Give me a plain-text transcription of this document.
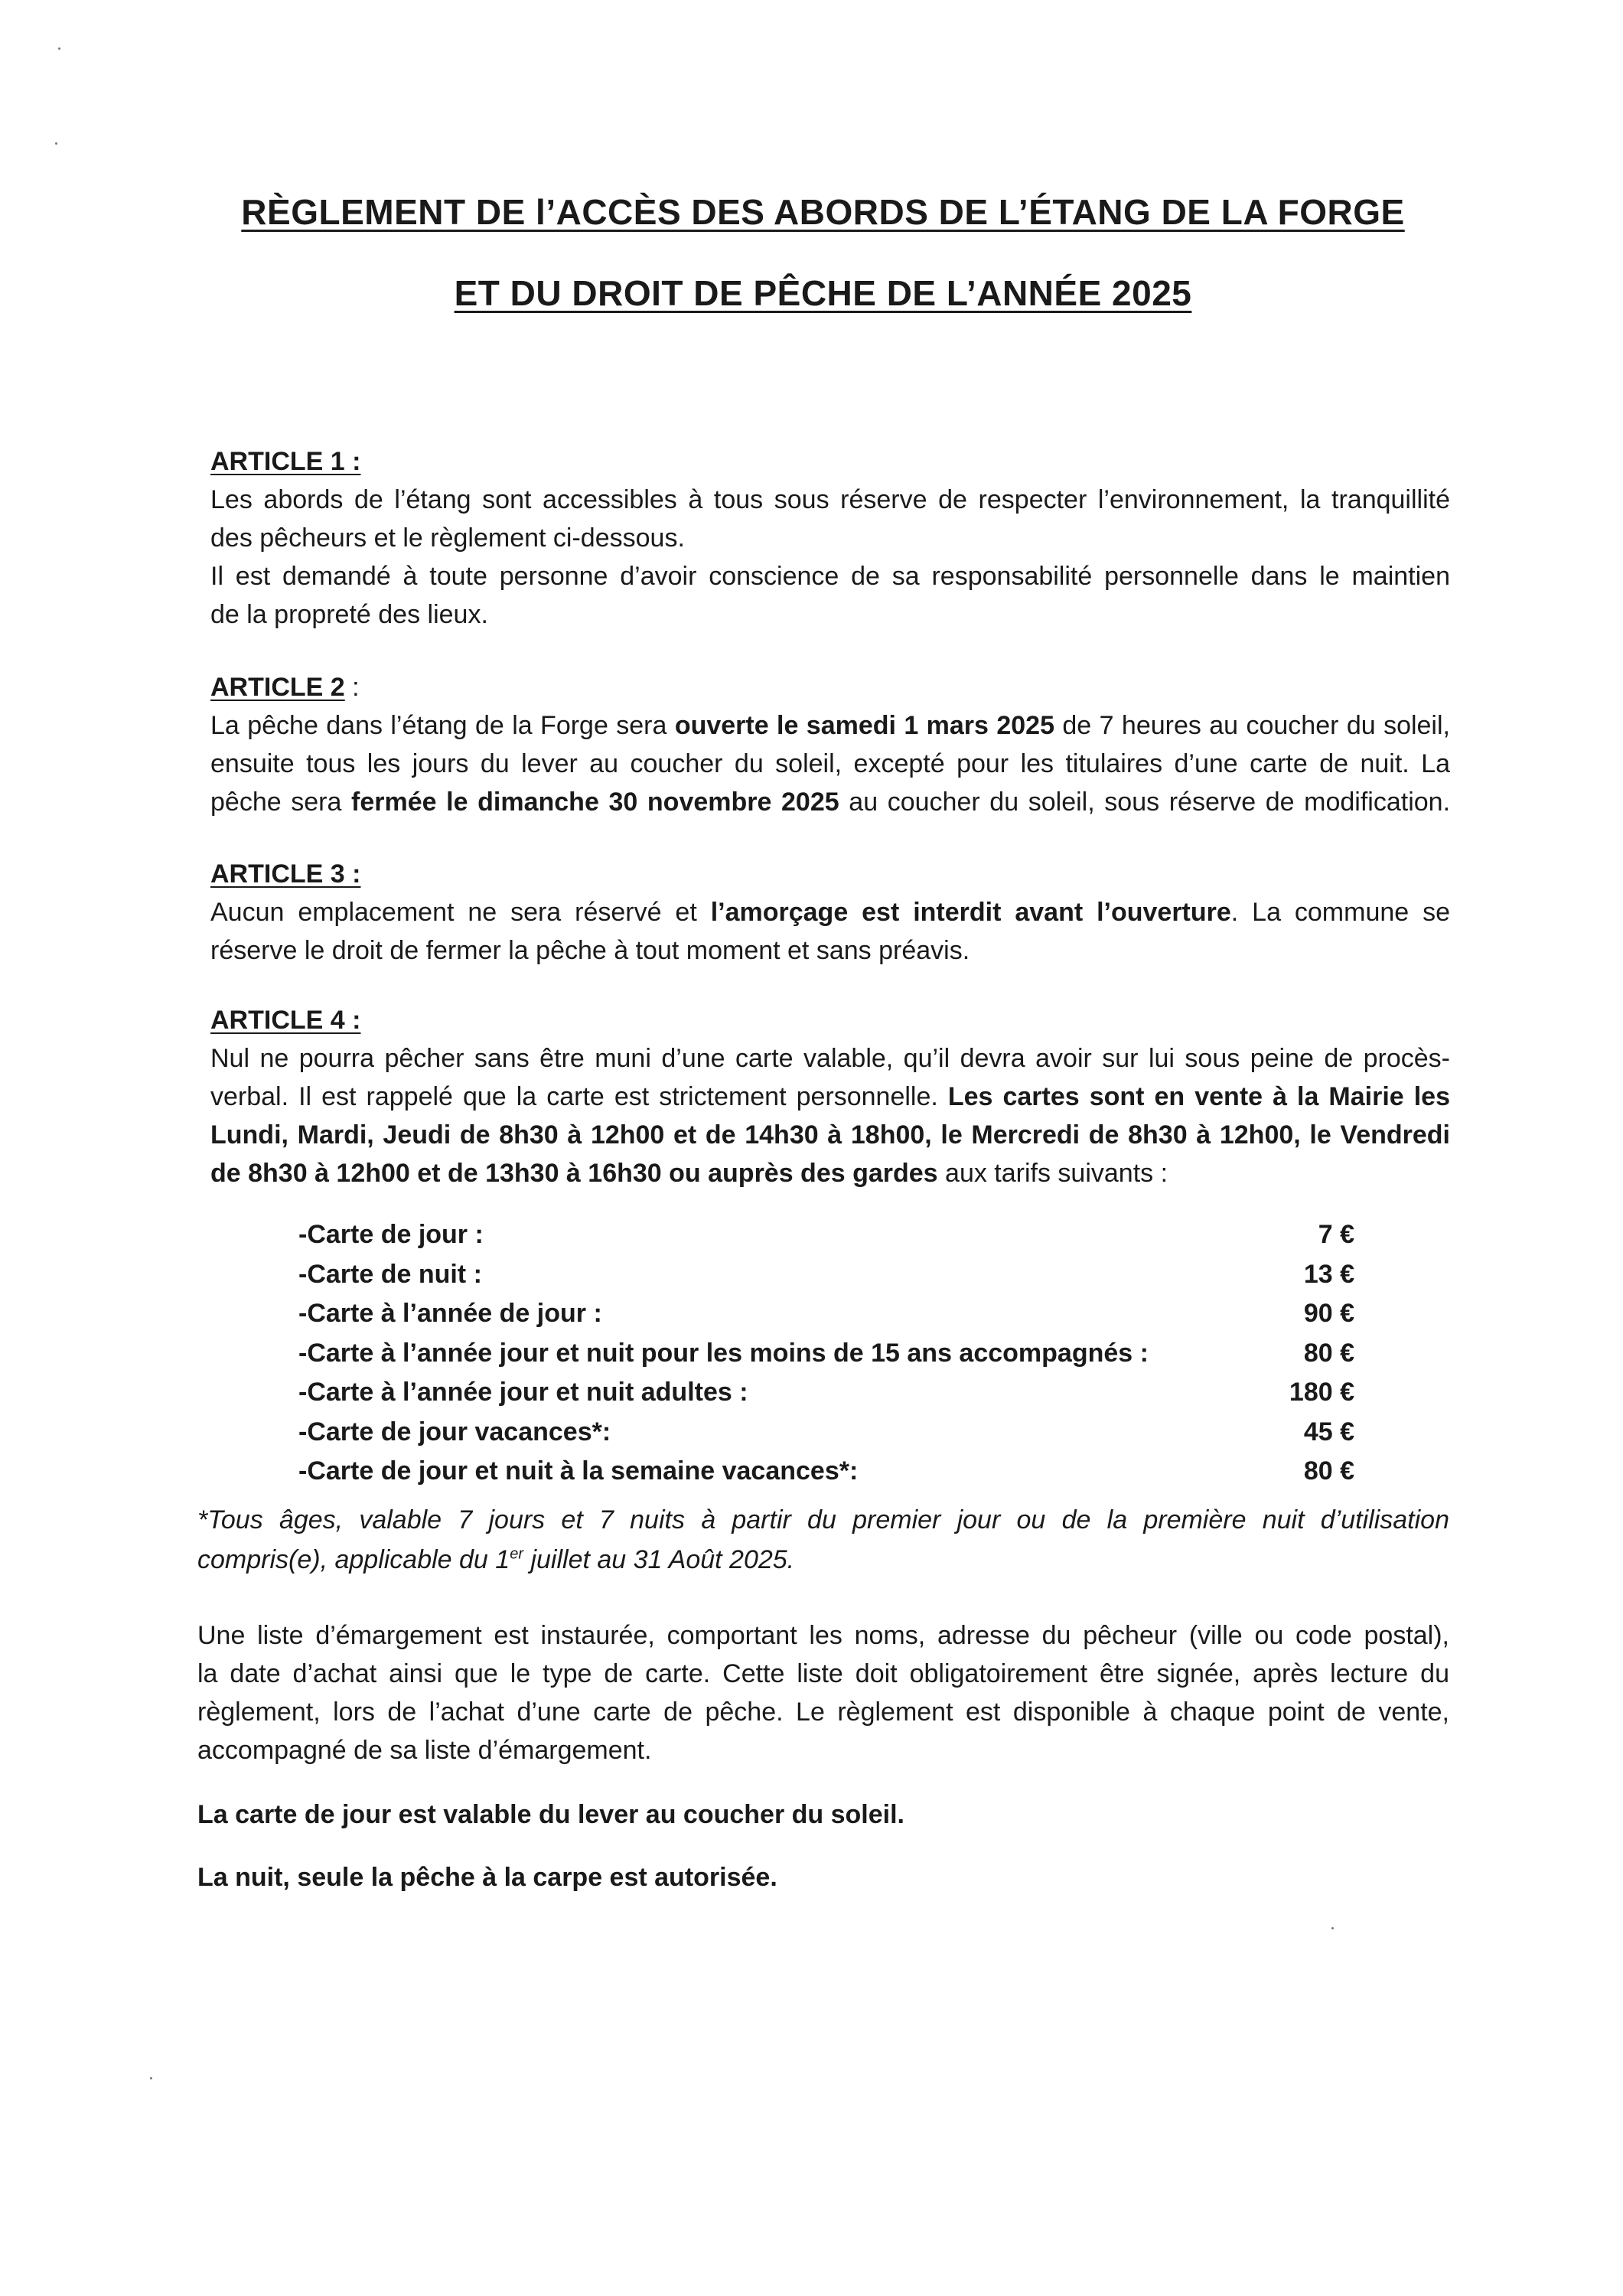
RÈGLEMENT DE l’ACCÈS DES ABORDS DE L’ÉTANG DE LA FORGE
ET DU DROIT DE PÊCHE DE L’ANNÉE 2025
ARTICLE 1 :
Les abords de l’étang sont accessibles à tous sous réserve de respecter l’environnement, la tranquillité
des pêcheurs et le règlement ci-dessous.
Il est demandé à toute personne d’avoir conscience de sa responsabilité personnelle dans le maintien
de la propreté des lieux.
ARTICLE 2 :
La pêche dans l’étang de la Forge sera ouverte le samedi 1 mars 2025 de 7 heures au coucher du soleil,
ensuite tous les jours du lever au coucher du soleil, excepté pour les titulaires d’une carte de nuit. La
pêche sera fermée le dimanche 30 novembre 2025 au coucher du soleil, sous réserve de modification.
ARTICLE 3 :
Aucun emplacement ne sera réservé et l’amorçage est interdit avant l’ouverture. La commune se
réserve le droit de fermer la pêche à tout moment et sans préavis.
ARTICLE 4 :
Nul ne pourra pêcher sans être muni d’une carte valable, qu’il devra avoir sur lui sous peine de procès-
verbal. Il est rappelé que la carte est strictement personnelle. Les cartes sont en vente à la Mairie les
Lundi, Mardi, Jeudi de 8h30 à 12h00 et de 14h30 à 18h00, le Mercredi de 8h30 à 12h00, le Vendredi
de 8h30 à 12h00 et de 13h30 à 16h30 ou auprès des gardes aux tarifs suivants :
-Carte de jour :	7 €
-Carte de nuit :	13 €
-Carte à l’année de jour :	90 €
-Carte à l’année jour et nuit pour les moins de 15 ans accompagnés :	80 €
-Carte à l’année jour et nuit adultes :	180 €
-Carte de jour vacances*:	45 €
-Carte de jour et nuit à la semaine vacances*:	80 €
*Tous âges, valable 7 jours et 7 nuits à partir du premier jour ou de la première nuit d’utilisation
compris(e), applicable du 1er juillet au 31 Août 2025.
Une liste d’émargement est instaurée, comportant les noms, adresse du pêcheur (ville ou code postal),
la date d’achat ainsi que le type de carte. Cette liste doit obligatoirement être signée, après lecture du
règlement, lors de l’achat d’une carte de pêche. Le règlement est disponible à chaque point de vente,
accompagné de sa liste d’émargement.
La carte de jour est valable du lever au coucher du soleil.
La nuit, seule la pêche à la carpe est autorisée.
